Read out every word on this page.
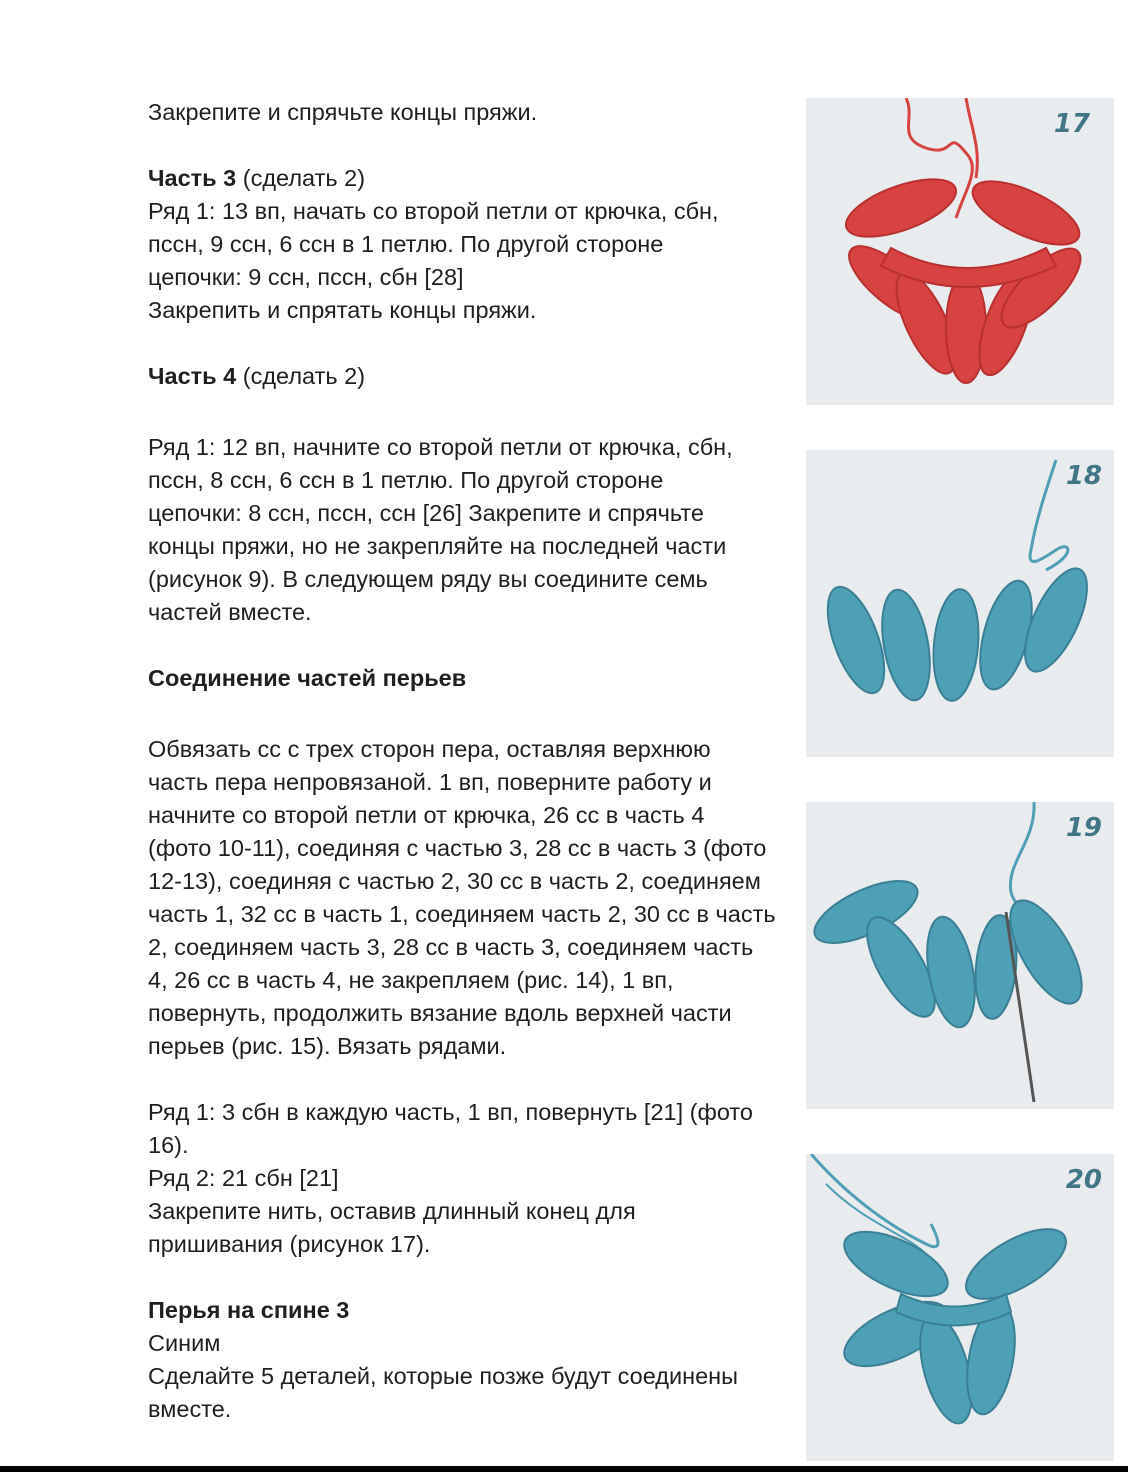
Закрепите и спрячьте концы пряжи.

Часть 3 (сделать 2)

Ряд 1: 13 вп, начать со второй петли от крючка, сбн,

пссн, 9 ссн, 6 ссн в 1 петлю. По другой стороне

цепочки: 9 ссн, пссн, сбн [28]

Закрепить и спрятать концы пряжи.

Часть 4 (сделать 2)

Ряд 1: 12 вп, начните со второй петли от крючка, сбн,

пссн, 8 ссн, 6 ссн в 1 петлю. По другой стороне

цепочки: 8 ссн, пссн, ссн [26] Закрепите и спрячьте

концы пряжи, но не закрепляйте на последней части

(рисунок 9). В следующем ряду вы соедините семь

частей вместе.

Соединение частей перьев

Обвязать сс с трех сторон пера, оставляя верхнюю

часть пера непровязаной. 1 вп, поверните работу и

начните со второй петли от крючка, 26 сс в часть 4

(фото 10-11), соединяя с частью 3, 28 сс в часть 3 (фото

12-13), соединяя с частью 2, 30 сс в часть 2, соединяем

часть 1, 32 сс в часть 1, соединяем часть 2, 30 сс в часть

2, соединяем часть 3, 28 сс в часть 3, соединяем часть

4, 26 сс в часть 4, не закрепляем (рис. 14), 1 вп,

повернуть, продолжить вязание вдоль верхней части

перьев (рис. 15). Вязать рядами.

Ряд 1: 3 сбн в каждую часть, 1 вп, повернуть [21] (фото

16).

Ряд 2: 21 сбн [21]

Закрепите нить, оставив длинный конец для

пришивания (рисунок 17).

Перья на спине 3

Синим

Сделайте 5 деталей, которые позже будут соединены

вместе.

17
18
19
20
